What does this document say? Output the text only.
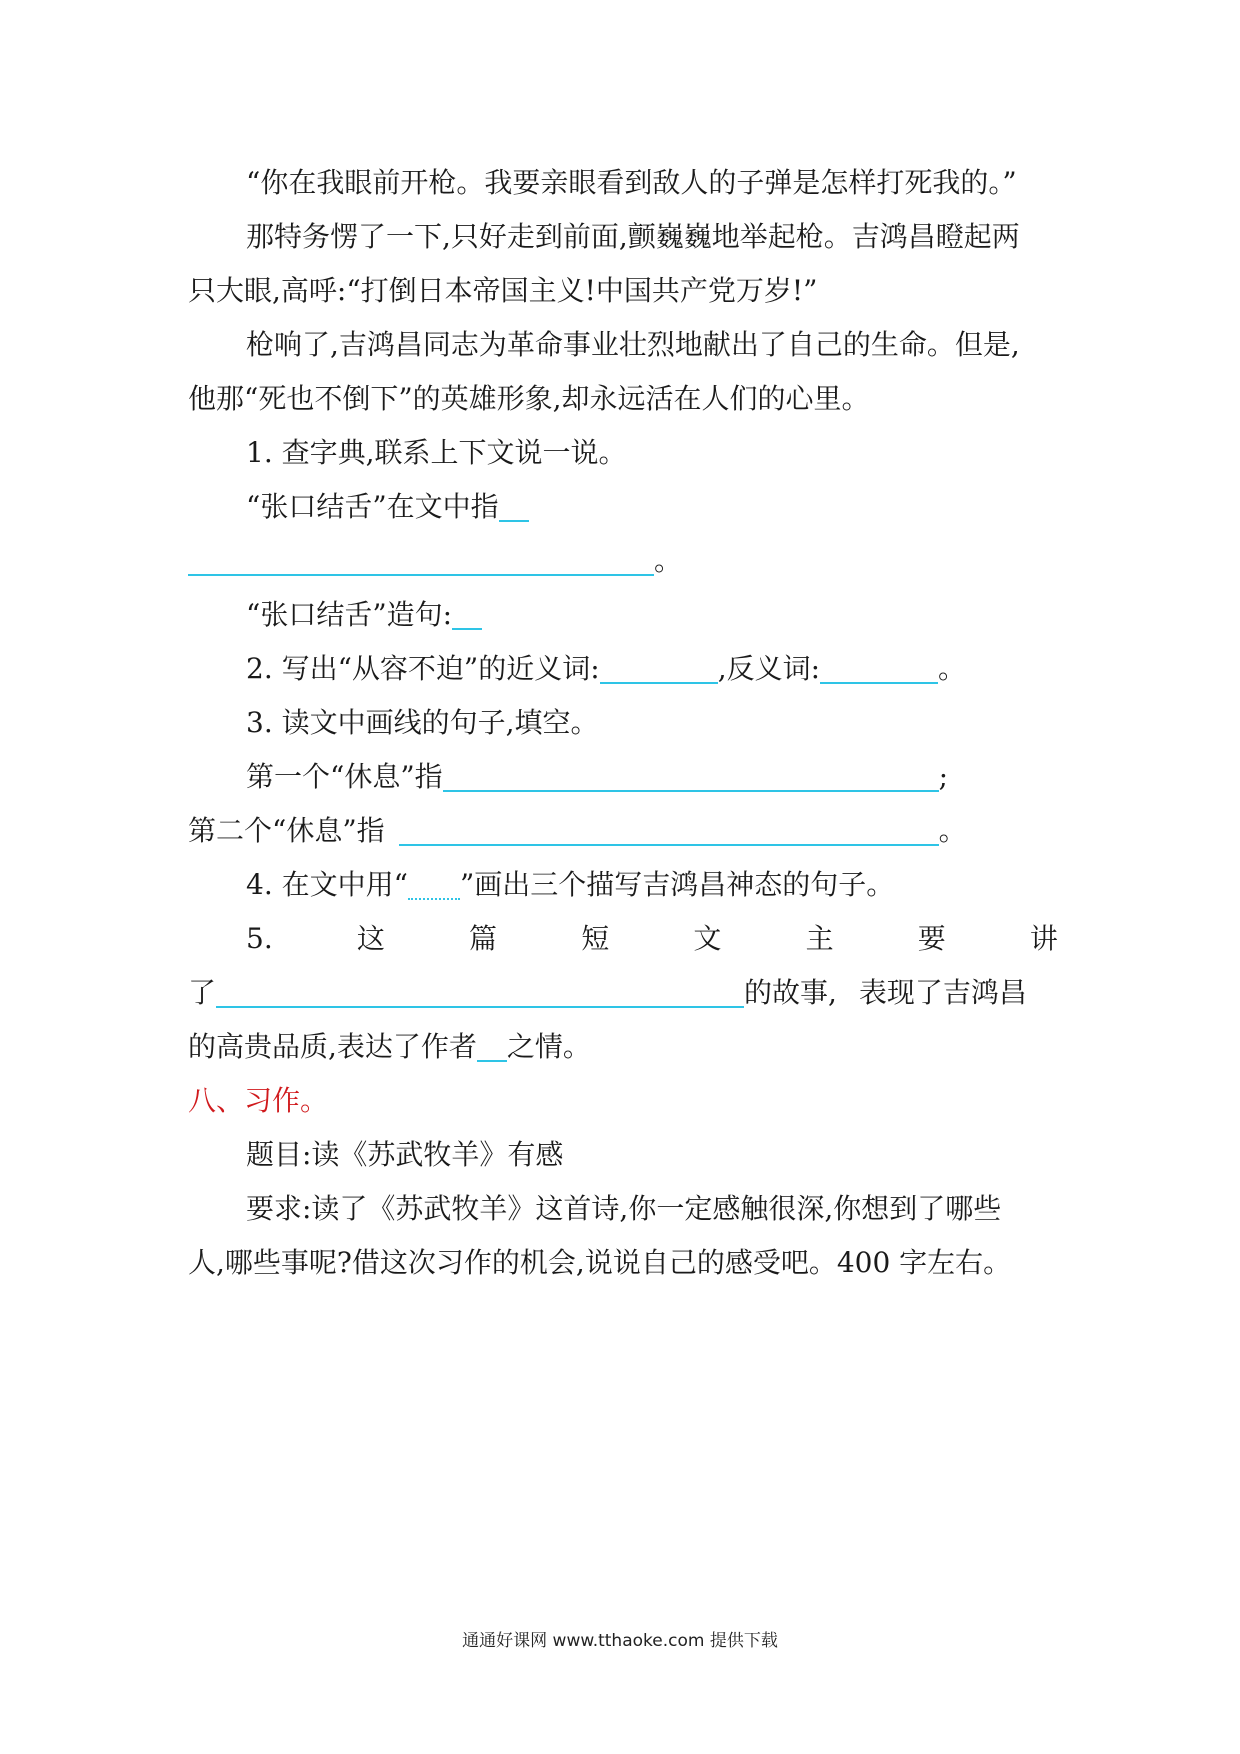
“你在我眼前开枪。我要亲眼看到敌人的子弹是怎样打死我的。”
那特务愣了一下,只好走到前面,颤巍巍地举起枪。吉鸿昌瞪起两
只大眼,高呼:“打倒日本帝国主义!中国共产党万岁!”
枪响了,吉鸿昌同志为革命事业壮烈地献出了自己的生命。但是,
他那“死也不倒下”的英雄形象,却永远活在人们的心里。
1. 查字典,联系上下文说一说。
“张口结舌”在文中指
。
“张口结舌”造句:
2. 写出“从容不迫”的近义词:	,反义词:	。
3. 读文中画线的句子,填空。
第一个“休息”指	;
第二个“休息”指	。
4. 在文中用“ ”画出三个描写吉鸿昌神态的句子。
5.	这	篇	短	文	主	要	讲
了	的故事, 表现了吉鸿昌
的高贵品质,表达了作者 之情。
八、习作。
题目:读《苏武牧羊》有感
要求:读了《苏武牧羊》这首诗,你一定感触很深,你想到了哪些
人,哪些事呢?借这次习作的机会,说说自己的感受吧。400 字左右。
通通好课网 www.tthaoke.com 提供下载
